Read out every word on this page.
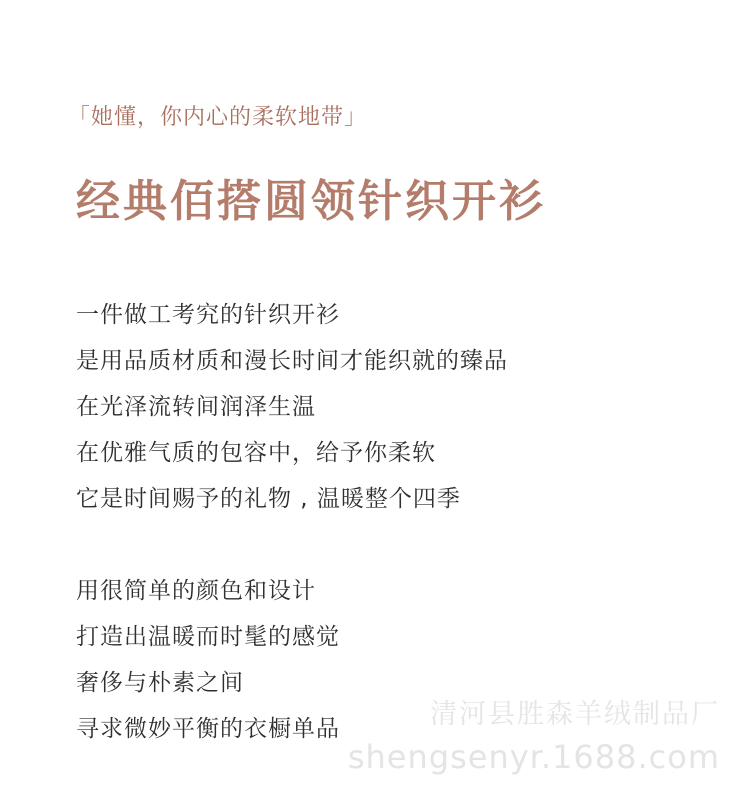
「她懂，你内心的柔软地带」
经典佰搭圆领针织开衫
一件做工考究的针织开衫
是用品质材质和漫长时间才能织就的臻品
在光泽流转间润泽生温
在优雅气质的包容中，给予你柔软
它是时间赐予的礼物 , 温暖整个四季
用很简单的颜色和设计
打造出温暖而时髦的感觉
奢侈与朴素之间
寻求微妙平衡的衣橱单品	清河县胜森羊绒制品厂
shengsenyr.1688.com
